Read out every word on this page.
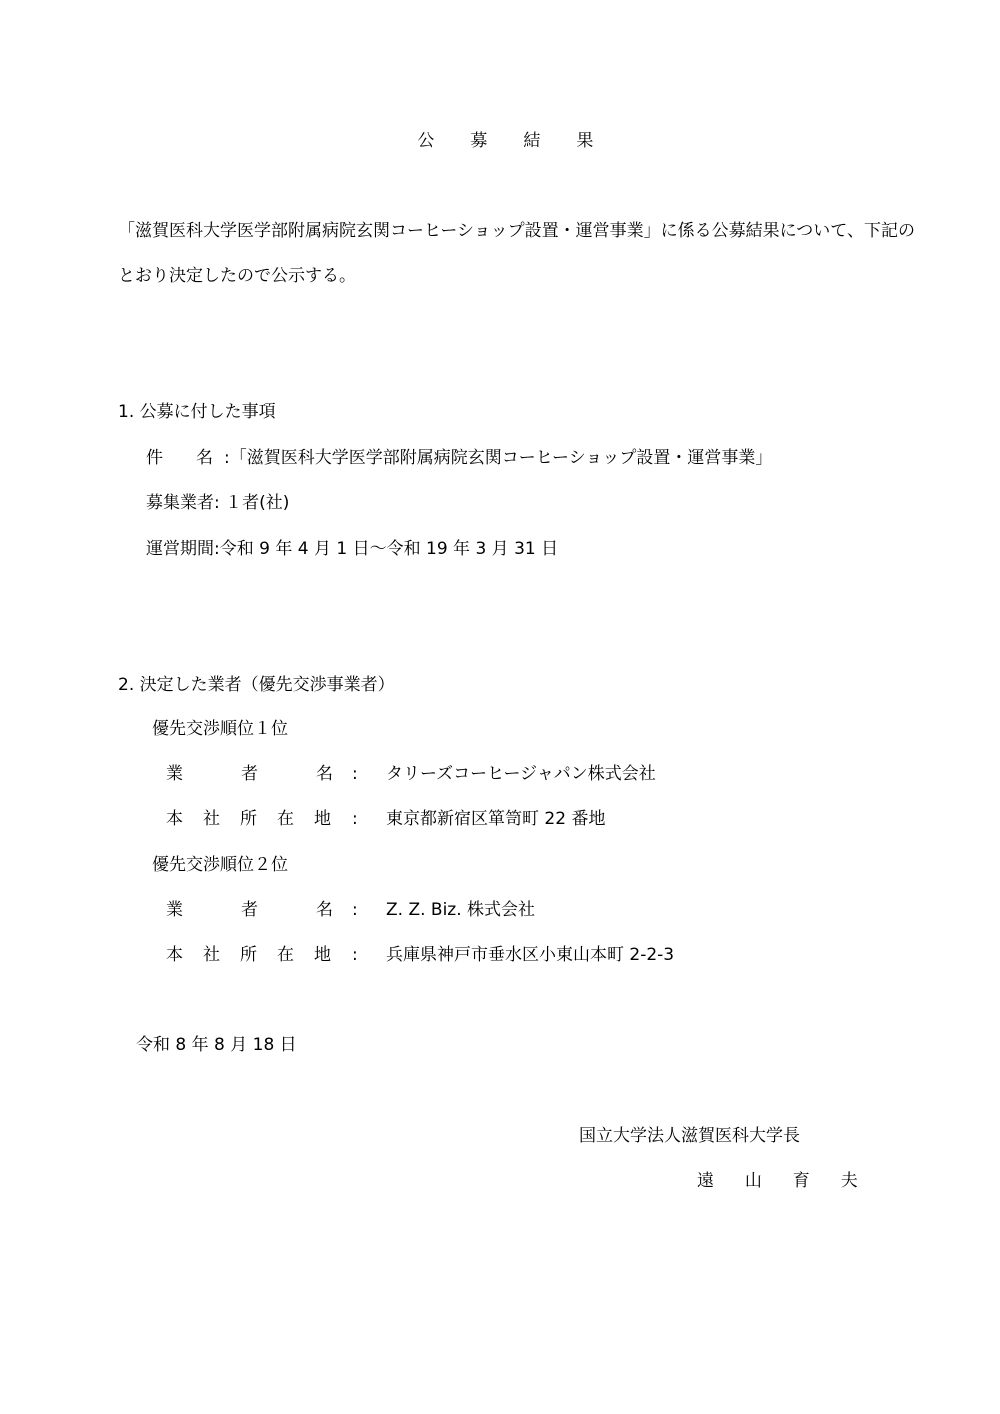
公 募 結 果
「滋賀医科大学医学部附属病院玄関コーヒーショップ設置・運営事業」に係る公募結果について、下記の
とおり決定したので公示する。
1. 公募に付した事項
件 名 :「滋賀医科大学医学部附属病院玄関コーヒーショップ設置・運営事業」
募集業者: １者(社)
運営期間:令和 9 年 4 月 1 日～令和 19 年 3 月 31 日
2. 決定した業者（優先交渉事業者）
優先交渉順位１位
業	者	名 : タリーズコーヒージャパン株式会社
本 社 所 在 地 : 東京都新宿区箪笥町 22 番地
優先交渉順位２位
業	者	名 : Z. Z. Biz. 株式会社
本 社 所 在 地 : 兵庫県神戸市垂水区小東山本町 2-2-3
令和 8 年 8 月 18 日
国立大学法人滋賀医科大学長
遠 山 育 夫
